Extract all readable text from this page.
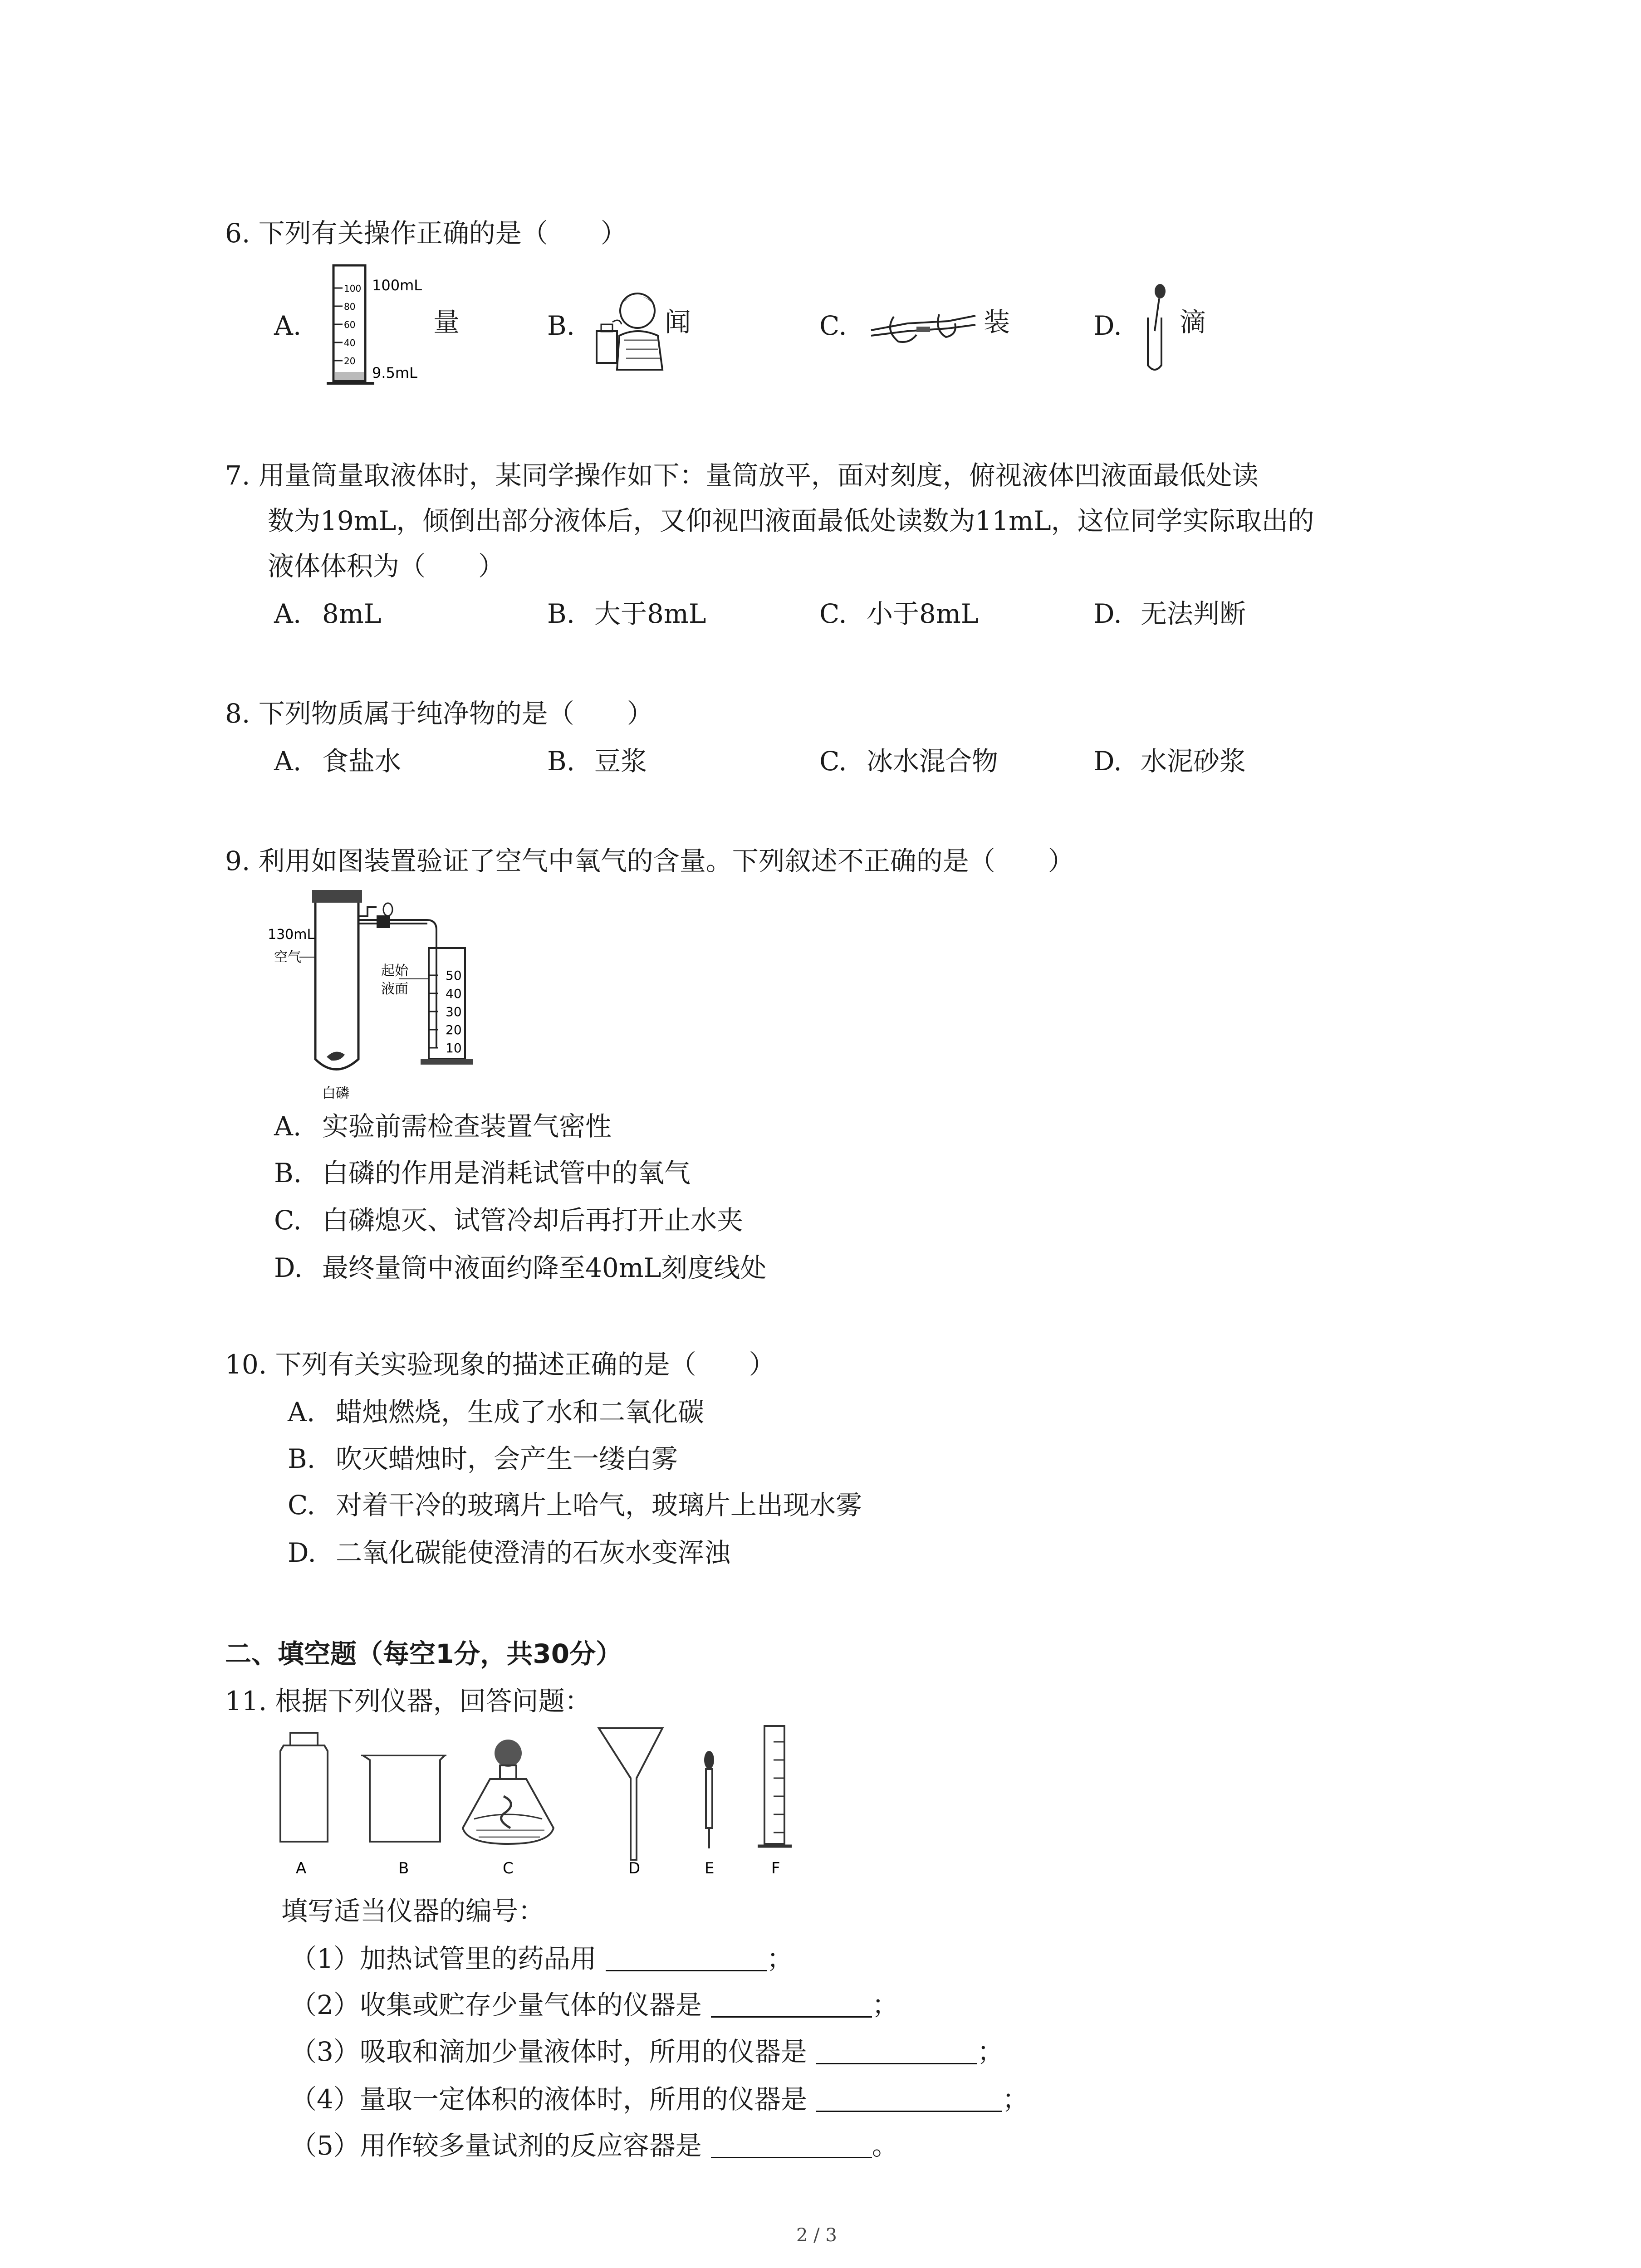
6. 下列有关操作正确的是（　　）
A.
100
80
60
40
20
100mL
9.5mL
量	B.	闻	C.	装	D. 滴
7. 用量筒量取液体时，某同学操作如下：量筒放平，面对刻度，俯视液体凹液面最低处读
数为19mL，倾倒出部分液体后，又仰视凹液面最低处读数为11mL，这位同学实际取出的
液体体积为（　　）
A. 8mL	B. 大于8mL	C. 小于8mL	D. 无法判断
8. 下列物质属于纯净物的是（　　）
A. 食盐水	B. 豆浆	C. 冰水混合物	D. 水泥砂浆
9. 利用如图装置验证了空气中氧气的含量。下列叙述不正确的是（　　）
50
40
30
20
10
130mL
空气
起始
液面
白磷
A. 实验前需检查装置气密性
B. 白磷的作用是消耗试管中的氧气
C. 白磷熄灭、试管冷却后再打开止水夹
D. 最终量筒中液面约降至40mL刻度线处
10. 下列有关实验现象的描述正确的是（　　）
A. 蜡烛燃烧，生成了水和二氧化碳
B. 吹灭蜡烛时，会产生一缕白雾
C. 对着干冷的玻璃片上哈气，玻璃片上出现水雾
D. 二氧化碳能使澄清的石灰水变浑浊
二、填空题（每空1分，共30分）
11. 根据下列仪器，回答问题：
A	B	C	D	E	F
填写适当仪器的编号：
（1）加热试管里的药品用	；
（2）收集或贮存少量气体的仪器是	；
（3）吸取和滴加少量液体时，所用的仪器是	；
（4）量取一定体积的液体时，所用的仪器是	；
（5）用作较多量试剂的反应容器是	。
2 / 3
